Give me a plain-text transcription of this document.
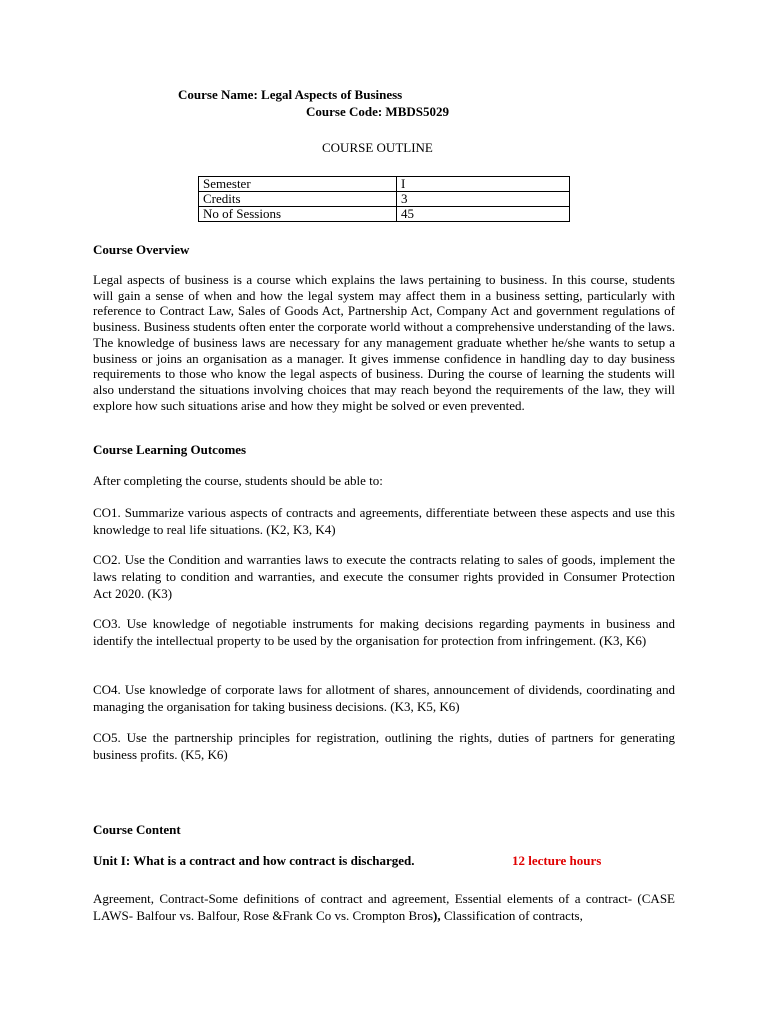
Course Name: Legal Aspects of Business
Course Code: MBDS5029
COURSE OUTLINE
Semester	I
Credits	3
No of Sessions	45
Course Overview
Legal aspects of business is a course which explains the laws pertaining to business. In this course, students will gain a sense of when and how the legal system may affect them in a business setting, particularly with reference to Contract Law, Sales of Goods Act, Partnership Act, Company Act and government regulations of business. Business students often enter the corporate world without a comprehensive understanding of the laws. The knowledge of business laws are necessary for any management graduate whether he/she wants to setup a business or joins an organisation as a manager. It gives immense confidence in handling day to day business requirements to those who know the legal aspects of business. During the course of learning the students will also understand the situations involving choices that may reach beyond the requirements of the law, they will explore how such situations arise and how they might be solved or even prevented.
Course Learning Outcomes
After completing the course, students should be able to:
CO1. Summarize various aspects of contracts and agreements, differentiate between these aspects and use this knowledge to real life situations. (K2, K3, K4)
CO2. Use the Condition and warranties laws to execute the contracts relating to sales of goods, implement the laws relating to condition and warranties, and execute the consumer rights provided in Consumer Protection Act 2020. (K3)
CO3. Use knowledge of negotiable instruments for making decisions regarding payments in business and identify the intellectual property to be used by the organisation for protection from infringement. (K3, K6)
CO4. Use knowledge of corporate laws for allotment of shares, announcement of dividends, coordinating and managing the organisation for taking business decisions. (K3, K5, K6)
CO5. Use the partnership principles for registration, outlining the rights, duties of partners for generating business profits. (K5, K6)
Course Content
Unit I: What is a contract and how contract is discharged.	12 lecture hours
Agreement, Contract-Some definitions of contract and agreement, Essential elements of a contract- (CASE LAWS- Balfour vs. Balfour, Rose &Frank Co vs. Crompton Bros), Classification of contracts,
